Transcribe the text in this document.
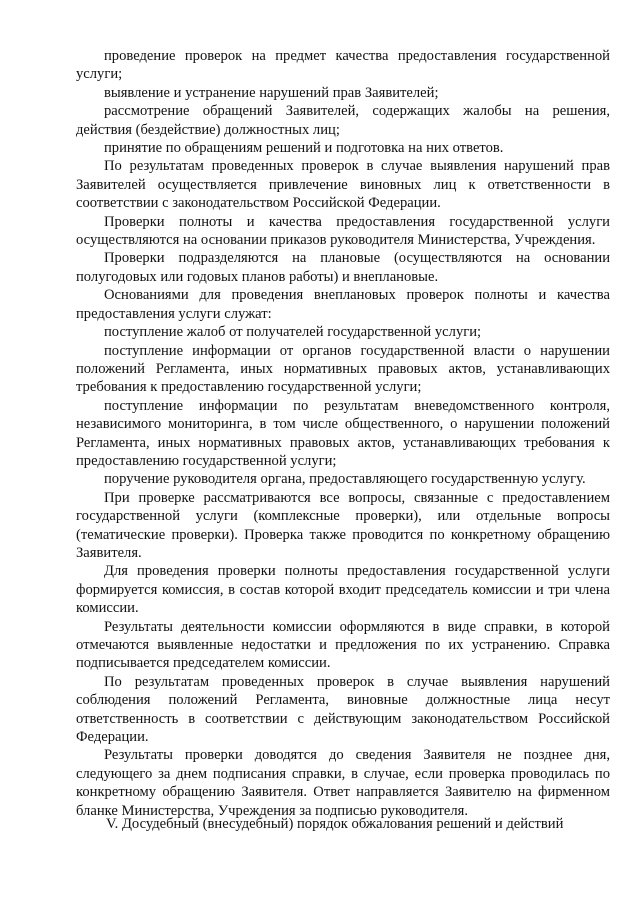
проведение проверок на предмет качества предоставления государственной услуги;

выявление и устранение нарушений прав Заявителей;

рассмотрение обращений Заявителей, содержащих жалобы на решения, действия (бездействие) должностных лиц;

принятие по обращениям решений и подготовка на них ответов.

По результатам проведенных проверок в случае выявления нарушений прав Заявителей осуществляется привлечение виновных лиц к ответственности в соответствии с законодательством Российской Федерации.

Проверки полноты и качества предоставления государственной услуги осуществляются на основании приказов руководителя Министерства, Учреждения.

Проверки подразделяются на плановые (осуществляются на основании полугодовых или годовых планов работы) и внеплановые.

Основаниями для проведения внеплановых проверок полноты и качества предоставления услуги служат:

поступление жалоб от получателей государственной услуги;

поступление информации от органов государственной власти о нарушении положений Регламента, иных нормативных правовых актов, устанавливающих требования к предоставлению государственной услуги;

поступление информации по результатам вневедомственного контроля, независимого мониторинга, в том числе общественного, о нарушении положений Регламента, иных нормативных правовых актов, устанавливающих требования к предоставлению государственной услуги;

поручение руководителя органа, предоставляющего государственную услугу.

При проверке рассматриваются все вопросы, связанные с предоставлением государственной услуги (комплексные проверки), или отдельные вопросы (тематические проверки). Проверка также проводится по конкретному обращению Заявителя.

Для проведения проверки полноты предоставления государственной услуги формируется комиссия, в состав которой входит председатель комиссии и три члена комиссии.

Результаты деятельности комиссии оформляются в виде справки, в которой отмечаются выявленные недостатки и предложения по их устранению. Справка подписывается председателем комиссии.

По результатам проведенных проверок в случае выявления нарушений соблюдения положений Регламента, виновные должностные лица несут ответственность в соответствии с действующим законодательством Российской Федерации.

Результаты проверки доводятся до сведения Заявителя не позднее дня, следующего за днем подписания справки, в случае, если проверка проводилась по конкретному обращению Заявителя. Ответ направляется Заявителю на фирменном бланке Министерства, Учреждения за подписью руководителя.

V. Досудебный (внесудебный) порядок обжалования решений и действий
